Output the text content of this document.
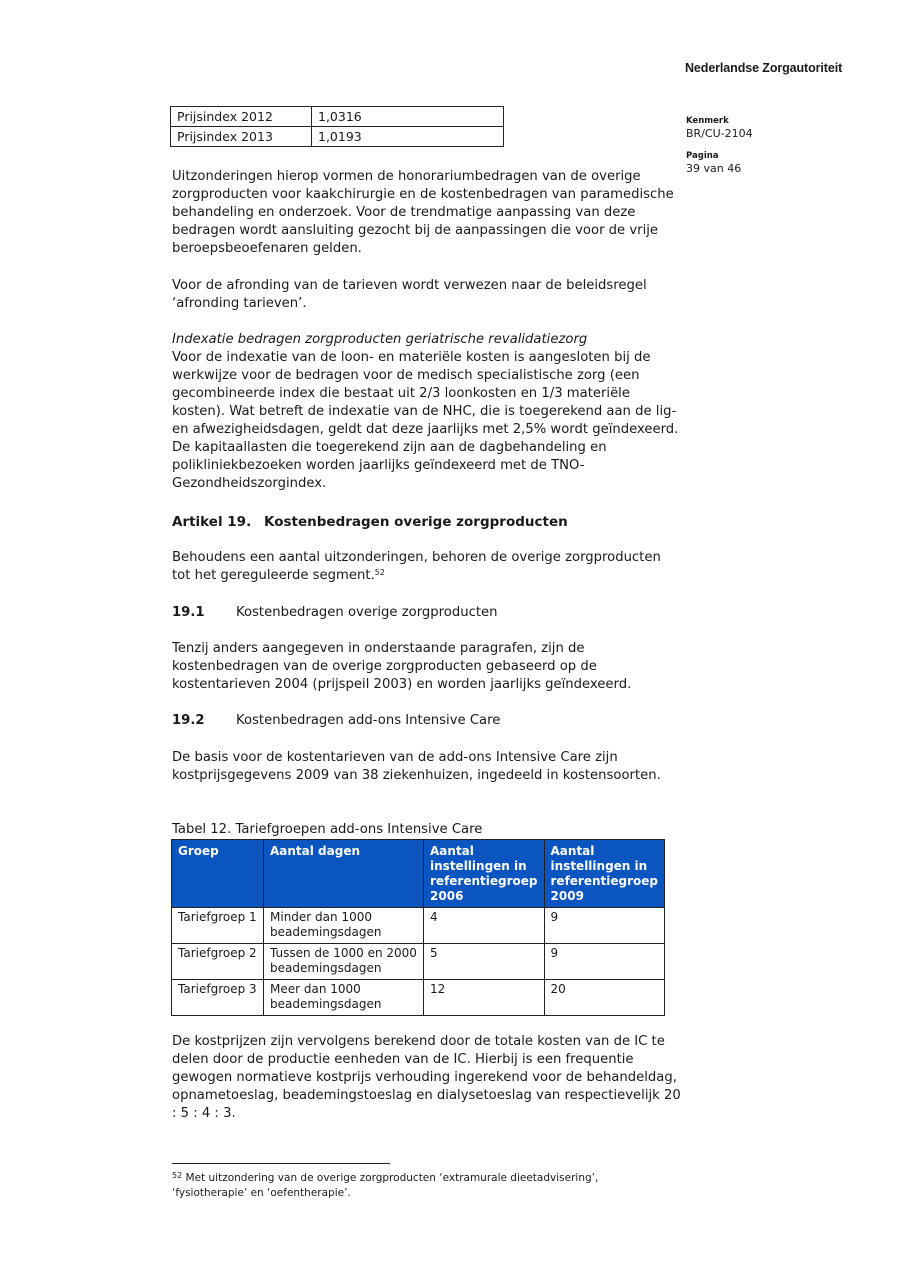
Nederlandse Zorgautoriteit
Kenmerk
BR/CU-2104
Pagina
39 van 46
Prijsindex 2012	1,0316
Prijsindex 2013	1,0193

Uitzonderingen hierop vormen de honorariumbedragen van de overige zorgproducten voor kaakchirurgie en de kostenbedragen van paramedische behandeling en onderzoek. Voor de trendmatige aanpassing van deze bedragen wordt aansluiting gezocht bij de aanpassingen die voor de vrije beroepsbeoefenaren gelden.

Voor de afronding van de tarieven wordt verwezen naar de beleidsregel ‘afronding tarieven’.

Indexatie bedragen zorgproducten geriatrische revalidatiezorg

Voor de indexatie van de loon- en materiële kosten is aangesloten bij de werkwijze voor de bedragen voor de medisch specialistische zorg (een gecombineerde index die bestaat uit 2/3 loonkosten en 1/3 materiële kosten). Wat betreft de indexatie van de NHC, die is toegerekend aan de lig- en afwezigheidsdagen, geldt dat deze jaarlijks met 2,5% wordt geïndexeerd. De kapitaallasten die toegerekend zijn aan de dagbehandeling en polikliniekbezoeken worden jaarlijks geïndexeerd met de TNO-Gezondheidszorgindex.

Artikel 19. Kostenbedragen overige zorgproducten

Behoudens een aantal uitzonderingen, behoren de overige zorgproducten tot het gereguleerde segment.$^{52}$

19.1 Kostenbedragen overige zorgproducten

Tenzij anders aangegeven in onderstaande paragrafen, zijn de kostenbedragen van de overige zorgproducten gebaseerd op de kostentarieven 2004 (prijspeil 2003) en worden jaarlijks geïndexeerd.

19.2 Kostenbedragen add-ons Intensive Care

De basis voor de kostentarieven van de add-ons Intensive Care zijn kostprijsgegevens 2009 van 38 ziekenhuizen, ingedeeld in kostensoorten.

Tabel 12. Tariefgroepen add-ons Intensive Care
Groep	Aantal dagen	Aantal instellingen in referentiegroep 2006	Aantal instellingen in referentiegroep 2009
Tariefgroep 1	Minder dan 1000 beademingsdagen	4	9
Tariefgroep 2	Tussen de 1000 en 2000 beademingsdagen	5	9
Tariefgroep 3	Meer dan 1000 beademingsdagen	12	20

De kostprijzen zijn vervolgens berekend door de totale kosten van de IC te delen door de productie eenheden van de IC. Hierbij is een frequentie gewogen normatieve kostprijs verhouding ingerekend voor de behandeldag, opnametoeslag, beademingstoeslag en dialysetoeslag van respectievelijk 20 : 5 : 4 : 3.

$^{52}$ Met uitzondering van de overige zorgproducten ‘extramurale dieetadvisering’, ‘fysiotherapie’ en ‘oefentherapie’.
